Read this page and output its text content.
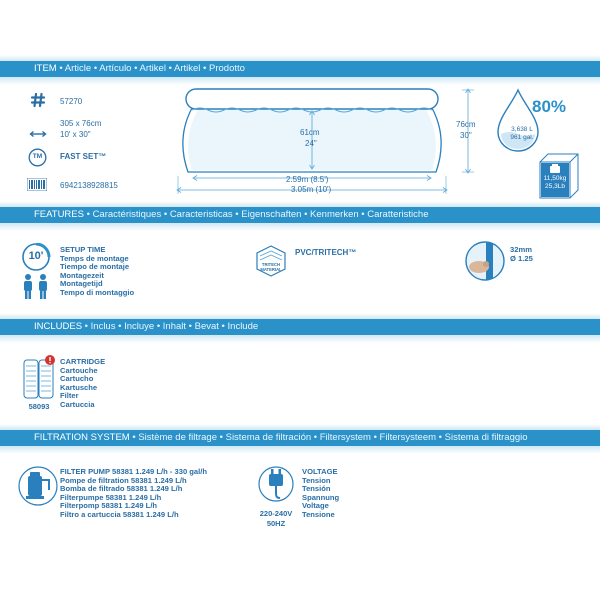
ITEM • Article • Artículo • Artikel • Artikel • Prodotto
FEATURES • Caractéristiques • Caracteristicas • Eigenschaften • Kenmerken • Caratteristiche
INCLUDES • Inclus • Incluye • Inhalt • Bevat • Include
FILTRATION SYSTEM • Sistème de filtrage • Sistema de filtración • Filtersystem • Filtersysteem • Sistema di filtraggio
57270
305 x 76cm
10' x 30"
TM	FAST SET™
6942138928815
61cm
24"
76cm
30"
2.59m (8.5')
3.05m (10')
80%
3,638 L
961 gal.
11,50kg
25,3Lb
10'
SETUP TIME
Temps de montage
Tiempo de montaje
Montagezeit
Montagetijd
Tempo di montaggio
TRITECH MATERIAL
PVC/TRITECH™	32mm
Ø 1.25
58093
CARTRIDGE
Cartouche
Cartucho
Kartusche
Filter
Cartuccia
FILTER PUMP 58381 1.249 L/h - 330 gal/h
Pompe de filtration 58381 1.249 L/h
Bomba de filtrado 58381 1.249 L/h
Filterpumpe 58381 1.249 L/h
Filterpomp 58381 1.249 L/h
Filtro a cartuccia 58381 1.249 L/h	220-240V
50HZ
VOLTAGE
Tension
Tensión
Spannung
Voltage
Tensione
